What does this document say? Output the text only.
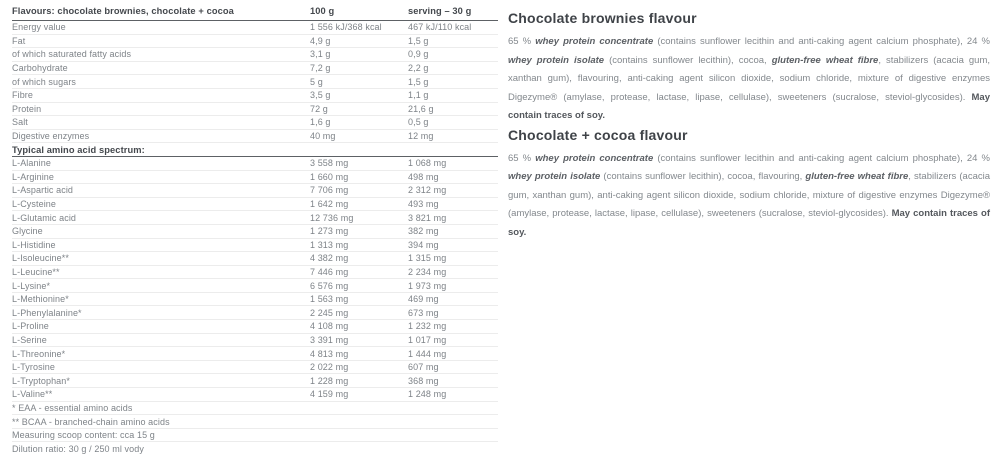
Flavours: chocolate brownies, chocolate + cocoa	100 g	serving – 30 g
Energy value	1 556 kJ/368 kcal	467 kJ/110 kcal
Fat	4,9 g	1,5 g
of which saturated fatty acids	3,1 g	0,9 g
Carbohydrate	7,2 g	2,2 g
of which sugars	5 g	1,5 g
Fibre	3,5 g	1,1 g
Protein	72 g	21,6 g
Salt	1,6 g	0,5 g
Digestive enzymes	40 mg	12 mg
Typical amino acid spectrum:
L-Alanine	3 558 mg	1 068 mg
L-Arginine	1 660 mg	498 mg
L-Aspartic acid	7 706 mg	2 312 mg
L-Cysteine	1 642 mg	493 mg
L-Glutamic acid	12 736 mg	3 821 mg
Glycine	1 273 mg	382 mg
L-Histidine	1 313 mg	394 mg
L-Isoleucine**	4 382 mg	1 315 mg
L-Leucine**	7 446 mg	2 234 mg
L-Lysine*	6 576 mg	1 973 mg
L-Methionine*	1 563 mg	469 mg
L-Phenylalanine*	2 245 mg	673 mg
L-Proline	4 108 mg	1 232 mg
L-Serine	3 391 mg	1 017 mg
L-Threonine*	4 813 mg	1 444 mg
L-Tyrosine	2 022 mg	607 mg
L-Tryptophan*	1 228 mg	368 mg
L-Valine**	4 159 mg	1 248 mg
* EAA - essential amino acids
** BCAA - branched-chain amino acids
Measuring scoop content: cca 15 g
Dilution ratio: 30 g / 250 ml vody
Chocolate brownies flavour

65 % whey protein concentrate (contains sunflower lecithin and anti-caking agent calcium phosphate), 24 % whey protein isolate (contains sunflower lecithin), cocoa, gluten-free wheat fibre, stabilizers (acacia gum, xanthan gum), flavouring, anti-caking agent silicon dioxide, sodium chloride, mixture of digestive enzymes Digezyme® (amylase, protease, lactase, lipase, cellulase), sweeteners (sucralose, steviol-glycosides). May contain traces of soy.

Chocolate + cocoa flavour

65 % whey protein concentrate (contains sunflower lecithin and anti-caking agent calcium phosphate), 24 % whey protein isolate (contains sunflower lecithin), cocoa, flavouring, gluten-free wheat fibre, stabilizers (acacia gum, xanthan gum), anti-caking agent silicon dioxide, sodium chloride, mixture of digestive enzymes Digezyme® (amylase, protease, lactase, lipase, cellulase), sweeteners (sucralose, steviol-glycosides). May contain traces of soy.
